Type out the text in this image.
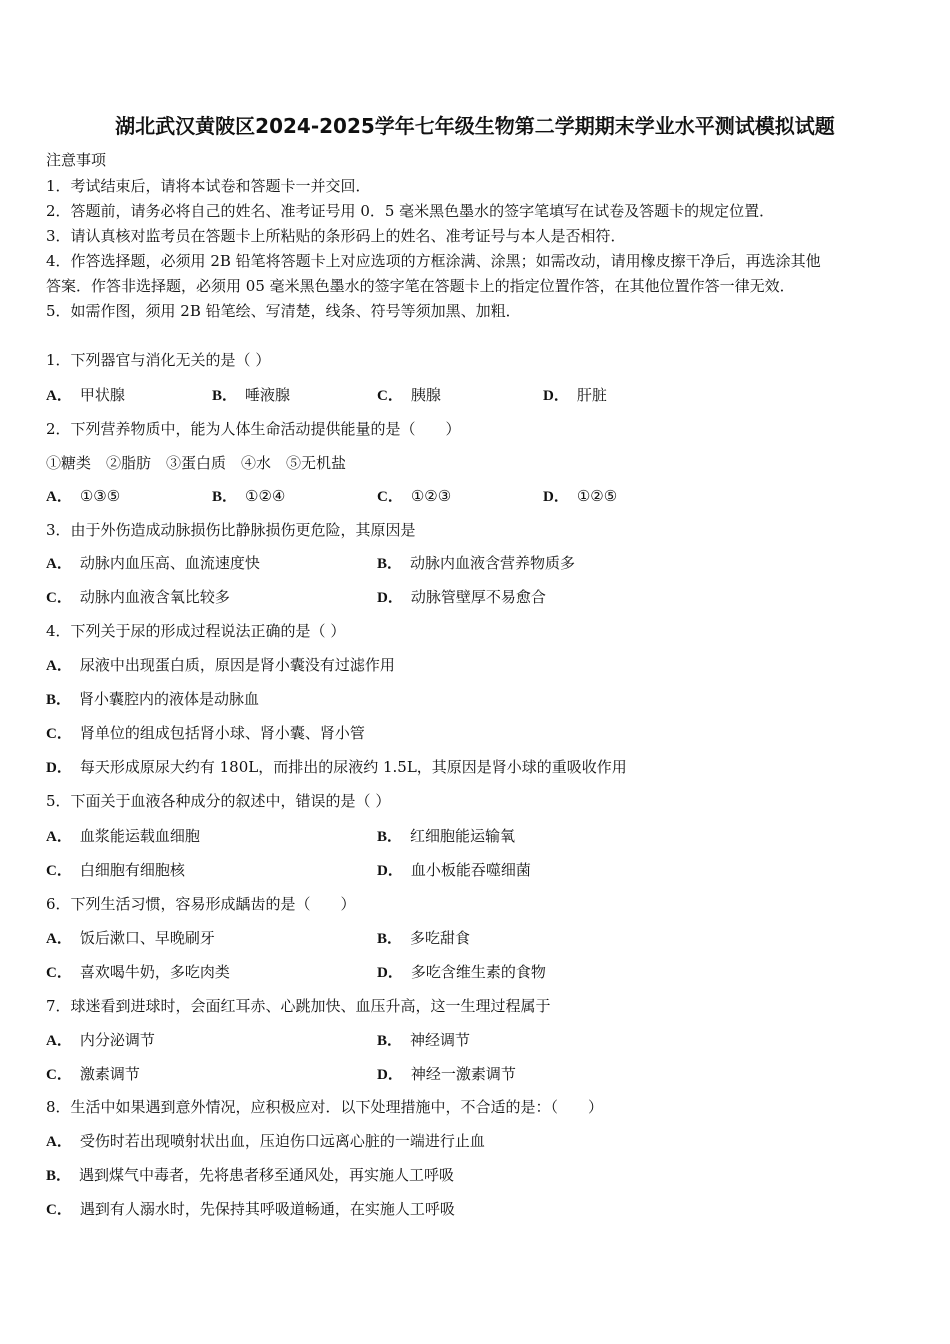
湖北武汉黄陂区2024-2025学年七年级生物第二学期期末学业水平测试模拟试题
注意事项
1．考试结束后，请将本试卷和答题卡一并交回．
2．答题前，请务必将自己的姓名、准考证号用 0．5 毫米黑色墨水的签字笔填写在试卷及答题卡的规定位置．
3．请认真核对监考员在答题卡上所粘贴的条形码上的姓名、准考证号与本人是否相符．
4．作答选择题，必须用 2B 铅笔将答题卡上对应选项的方框涂满、涂黑；如需改动，请用橡皮擦干净后，再选涂其他
答案．作答非选择题，必须用 05 毫米黑色墨水的签字笔在答题卡上的指定位置作答，在其他位置作答一律无效．
5．如需作图，须用 2B 铅笔绘、写清楚，线条、符号等须加黑、加粗．
1．下列器官与消化无关的是（ ）
A． 甲状腺	B． 唾液腺	C． 胰腺	D． 肝脏
2．下列营养物质中，能为人体生命活动提供能量的是（　　）
①糖类　②脂肪　③蛋白质　④水　⑤无机盐
A． ①③⑤	B． ①②④	C． ①②③	D． ①②⑤
3．由于外伤造成动脉损伤比静脉损伤更危险，其原因是
A． 动脉内血压高、血流速度快	B． 动脉内血液含营养物质多
C． 动脉内血液含氧比较多	D． 动脉管壁厚不易愈合
4．下列关于尿的形成过程说法正确的是（ ）
A． 尿液中出现蛋白质，原因是肾小囊没有过滤作用
B． 肾小囊腔内的液体是动脉血
C． 肾单位的组成包括肾小球、肾小囊、肾小管
D． 每天形成原尿大约有 180L，而排出的尿液约 1.5L，其原因是肾小球的重吸收作用
5．下面关于血液各种成分的叙述中，错误的是（ ）
A． 血浆能运载血细胞	B． 红细胞能运输氧
C． 白细胞有细胞核	D． 血小板能吞噬细菌
6．下列生活习惯，容易形成龋齿的是（　　）
A． 饭后漱口、早晚刷牙	B． 多吃甜食
C． 喜欢喝牛奶，多吃肉类	D． 多吃含维生素的食物
7．球迷看到进球时，会面红耳赤、心跳加快、血压升高，这一生理过程属于
A． 内分泌调节	B． 神经调节
C． 激素调节	D． 神经一激素调节
8．生活中如果遇到意外情况，应积极应对．以下处理措施中，不合适的是：（　　）
A． 受伤时若出现喷射状出血，压迫伤口远离心脏的一端进行止血
B． 遇到煤气中毒者，先将患者移至通风处，再实施人工呼吸
C． 遇到有人溺水时，先保持其呼吸道畅通，在实施人工呼吸
